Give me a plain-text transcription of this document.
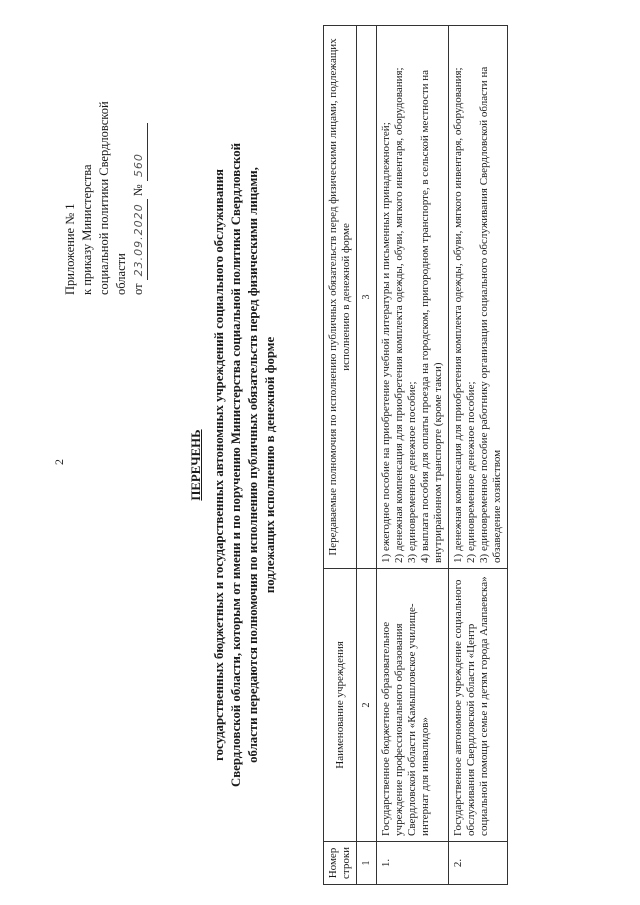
2
Приложение № 1 к приказу Министерства социальной политики Свердловской области от 23.09.2020 № 560
ПЕРЕЧЕНЬ государственных бюджетных и государственных автономных учреждений социального обслуживания Свердловской области, которым от имени и по поручению Министерства социальной политики Свердловской области передаются полномочия по исполнению публичных обязательств перед физическими лицами, подлежащих исполнению в денежной форме
Номер строки	Наименование учреждения	Передаваемые полномочия по исполнению публичных обязательств перед физическими лицами, подлежащих исполнению в денежной форме
1	2	3
1.	Государственное бюджетное образовательное учреждение профессионального образования Свердловской области «Камышловское училище-интернат для инвалидов»	1) ежегодное пособие на приобретение учебной литературы и письменных принадлежностей; 2) денежная компенсация для приобретения комплекта одежды, обуви, мягкого инвентаря, оборудования; 3) единовременное денежное пособие; 4) выплата пособия для оплаты проезда на городском, пригородном транспорте, в сельской местности на внутрирайонном транспорте (кроме такси)

2.	Государственное автономное учреждение социального обслуживания Свердловской области «Центр социальной помощи семье и детям города Алапаевска»	1) денежная компенсация для приобретения комплекта одежды, обуви, мягкого инвентаря, оборудования; 2) единовременное денежное пособие; 3) единовременное пособие работнику организации социального обслуживания Свердловской области на обзаведение хозяйством
